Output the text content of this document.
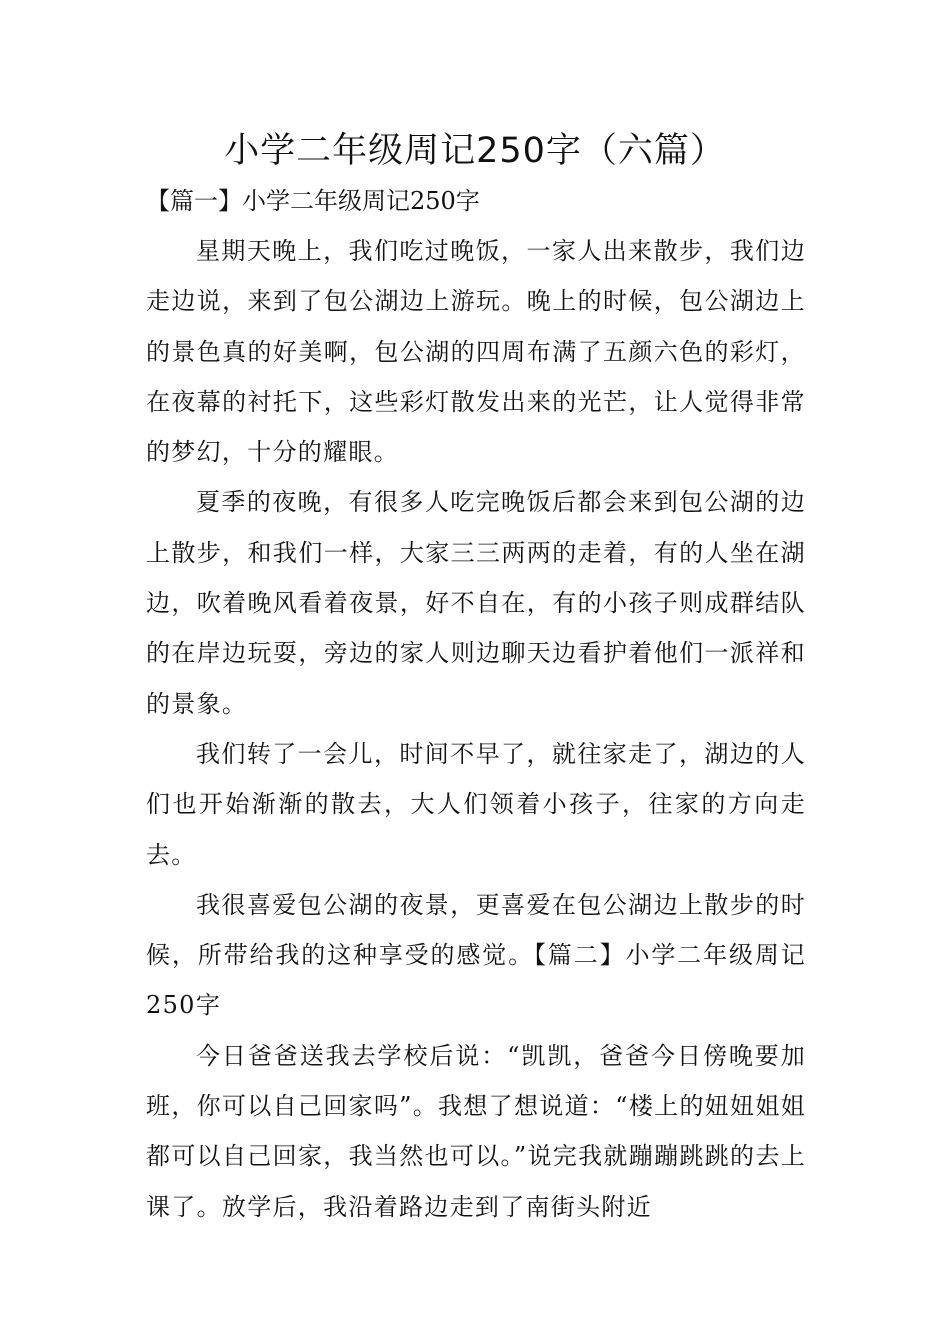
小学二年级周记250字（六篇）

【篇一】小学二年级周记250字

星期天晚上，我们吃过晚饭，一家人出来散步，我们边走边说，来到了包公湖边上游玩。晚上的时候，包公湖边上的景色真的好美啊，包公湖的四周布满了五颜六色的彩灯，在夜幕的衬托下，这些彩灯散发出来的光芒，让人觉得非常的梦幻，十分的耀眼。

夏季的夜晚，有很多人吃完晚饭后都会来到包公湖的边上散步，和我们一样，大家三三两两的走着，有的人坐在湖边，吹着晚风看着夜景，好不自在，有的小孩子则成群结队的在岸边玩耍，旁边的家人则边聊天边看护着他们一派祥和的景象。

我们转了一会儿，时间不早了，就往家走了，湖边的人们也开始渐渐的散去，大人们领着小孩子，往家的方向走去。

我很喜爱包公湖的夜景，更喜爱在包公湖边上散步的时候，所带给我的这种享受的感觉。【篇二】小学二年级周记250字

今日爸爸送我去学校后说：“凯凯，爸爸今日傍晚要加班，你可以自己回家吗”。我想了想说道：“楼上的妞妞姐姐都可以自己回家，我当然也可以。”说完我就蹦蹦跳跳的去上课了。放学后，我沿着路边走到了南街头附近
